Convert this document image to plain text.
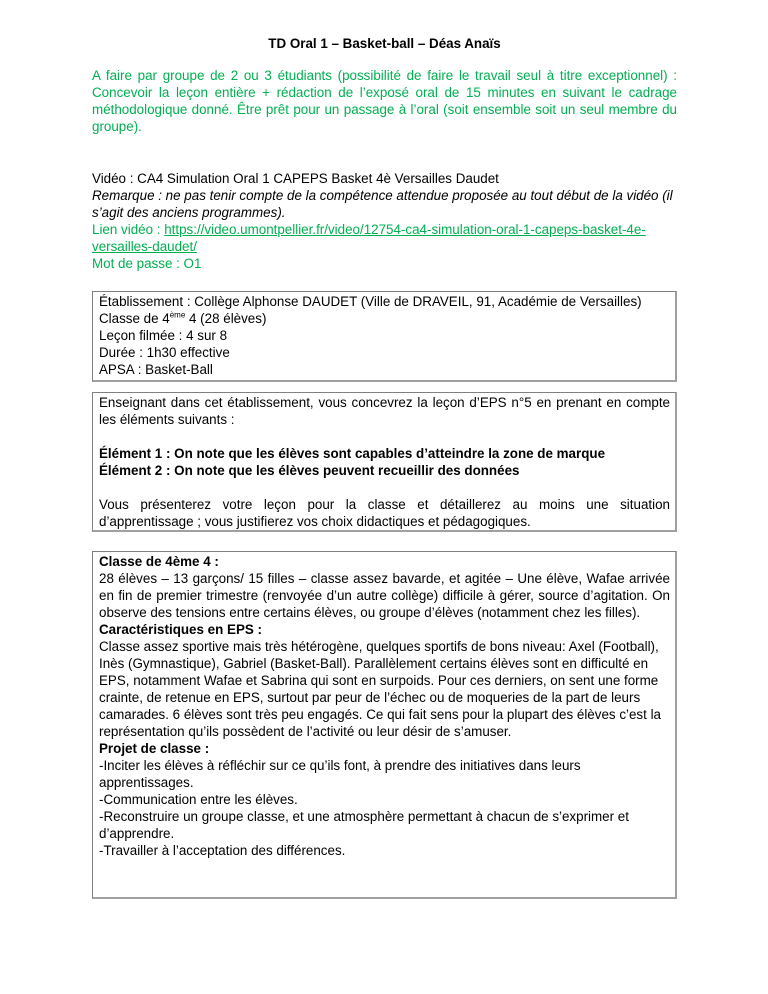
TD Oral 1 – Basket-ball – Déas Anaïs

A faire par groupe de 2 ou 3 étudiants (possibilité de faire le travail seul à titre exceptionnel) : Concevoir la leçon entière + rédaction de l’exposé oral de 15 minutes en suivant le cadrage méthodologique donné. Être prêt pour un passage à l’oral (soit ensemble soit un seul membre du groupe).

Vidéo : CA4 Simulation Oral 1 CAPEPS Basket 4è Versailles Daudet

Remarque : ne pas tenir compte de la compétence attendue proposée au tout début de la vidéo (il s’agit des anciens programmes).

Lien vidéo : https://video.umontpellier.fr/video/12754-ca4-simulation-oral-1-capeps-basket-4e-versailles-daudet/

Mot de passe : O1

Établissement : Collège Alphonse DAUDET (Ville de DRAVEIL, 91, Académie de Versailles)

Classe de 4ème 4 (28 élèves)

Leçon filmée : 4 sur 8

Durée : 1h30 effective

APSA : Basket-Ball

Enseignant dans cet établissement, vous concevrez la leçon d’EPS n°5 en prenant en compte les éléments suivants :

Élément 1 : On note que les élèves sont capables d’atteindre la zone de marque

Élément 2 : On note que les élèves peuvent recueillir des données

Vous présenterez votre leçon pour la classe et détaillerez au moins une situation d’apprentissage ; vous justifierez vos choix didactiques et pédagogiques.

Classe de 4ème 4 :

28 élèves – 13 garçons/ 15 filles – classe assez bavarde, et agitée – Une élève, Wafae arrivée en fin de premier trimestre (renvoyée d’un autre collège) difficile à gérer, source d’agitation. On observe des tensions entre certains élèves, ou groupe d’élèves (notamment chez les filles).

Caractéristiques en EPS :

Classe assez sportive mais très hétérogène, quelques sportifs de bons niveau: Axel (Football), Inès (Gymnastique), Gabriel (Basket-Ball). Parallèlement certains élèves sont en difficulté en EPS, notamment Wafae et Sabrina qui sont en surpoids. Pour ces derniers, on sent une forme crainte, de retenue en EPS, surtout par peur de l’échec ou de moqueries de la part de leurs camarades. 6 élèves sont très peu engagés. Ce qui fait sens pour la plupart des élèves c’est la représentation qu’ils possèdent de l’activité ou leur désir de s’amuser.

Projet de classe :

-Inciter les élèves à réfléchir sur ce qu’ils font, à prendre des initiatives dans leurs apprentissages.

-Communication entre les élèves.

-Reconstruire un groupe classe, et une atmosphère permettant à chacun de s’exprimer et d’apprendre.

-Travailler à l’acceptation des différences.
